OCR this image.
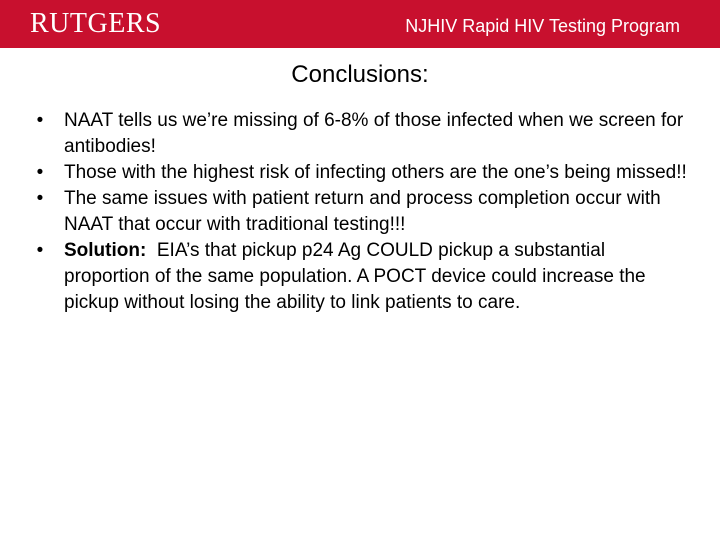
RUTGERS	NJHIV Rapid HIV Testing Program
Conclusions:
•	NAAT tells us we’re missing of 6-8% of those infected when we screen for antibodies!
•	Those with the highest risk of infecting others are the one’s being missed!!
•	The same issues with patient return and process completion occur with NAAT that occur with traditional testing!!!
•	Solution: EIA’s that pickup p24 Ag COULD pickup a substantial proportion of the same population. A POCT device could increase the pickup without losing the ability to link patients to care.
